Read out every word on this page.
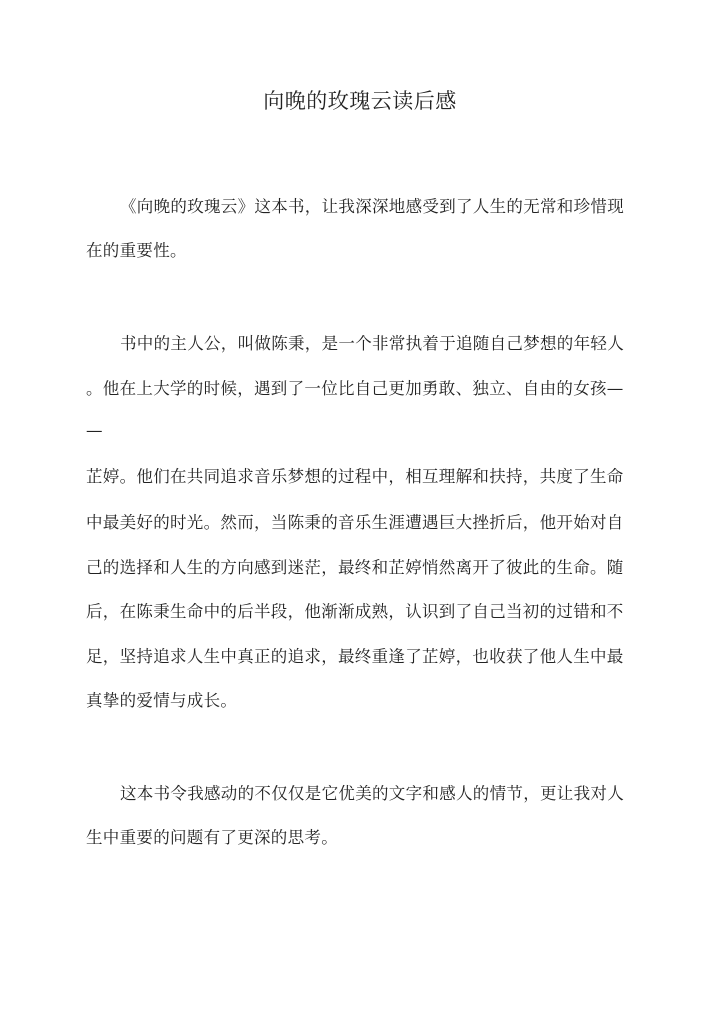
向晚的玫瑰云读后感
《向晚的玫瑰云》这本书，让我深深地感受到了人生的无常和珍惜现
在的重要性。
书中的主人公，叫做陈秉，是一个非常执着于追随自己梦想的年轻人
。他在上大学的时候，遇到了一位比自己更加勇敢、独立、自由的女孩—
—
芷婷。他们在共同追求音乐梦想的过程中，相互理解和扶持，共度了生命
中最美好的时光。然而，当陈秉的音乐生涯遭遇巨大挫折后，他开始对自
己的选择和人生的方向感到迷茫，最终和芷婷悄然离开了彼此的生命。随
后，在陈秉生命中的后半段，他渐渐成熟，认识到了自己当初的过错和不
足，坚持追求人生中真正的追求，最终重逢了芷婷，也收获了他人生中最
真挚的爱情与成长。
这本书令我感动的不仅仅是它优美的文字和感人的情节，更让我对人
生中重要的问题有了更深的思考。
